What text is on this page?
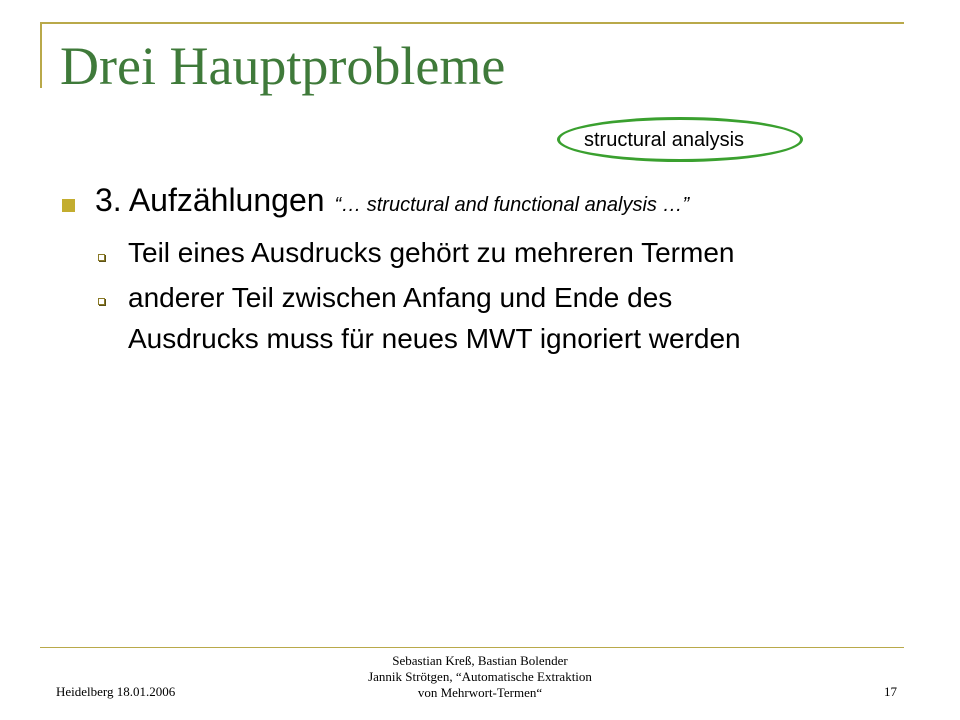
Drei Hauptprobleme
structural analysis
3. Aufzählungen “… structural and functional analysis …”
Teil eines Ausdrucks gehört zu mehreren Termen
anderer Teil zwischen Anfang und Ende des
Ausdrucks muss für neues MWT ignoriert werden
Heidelberg 18.01.2006
Sebastian Kreß, Bastian Bolender
Jannik Strötgen, “Automatische Extraktion
von Mehrwort-Termen“	17
